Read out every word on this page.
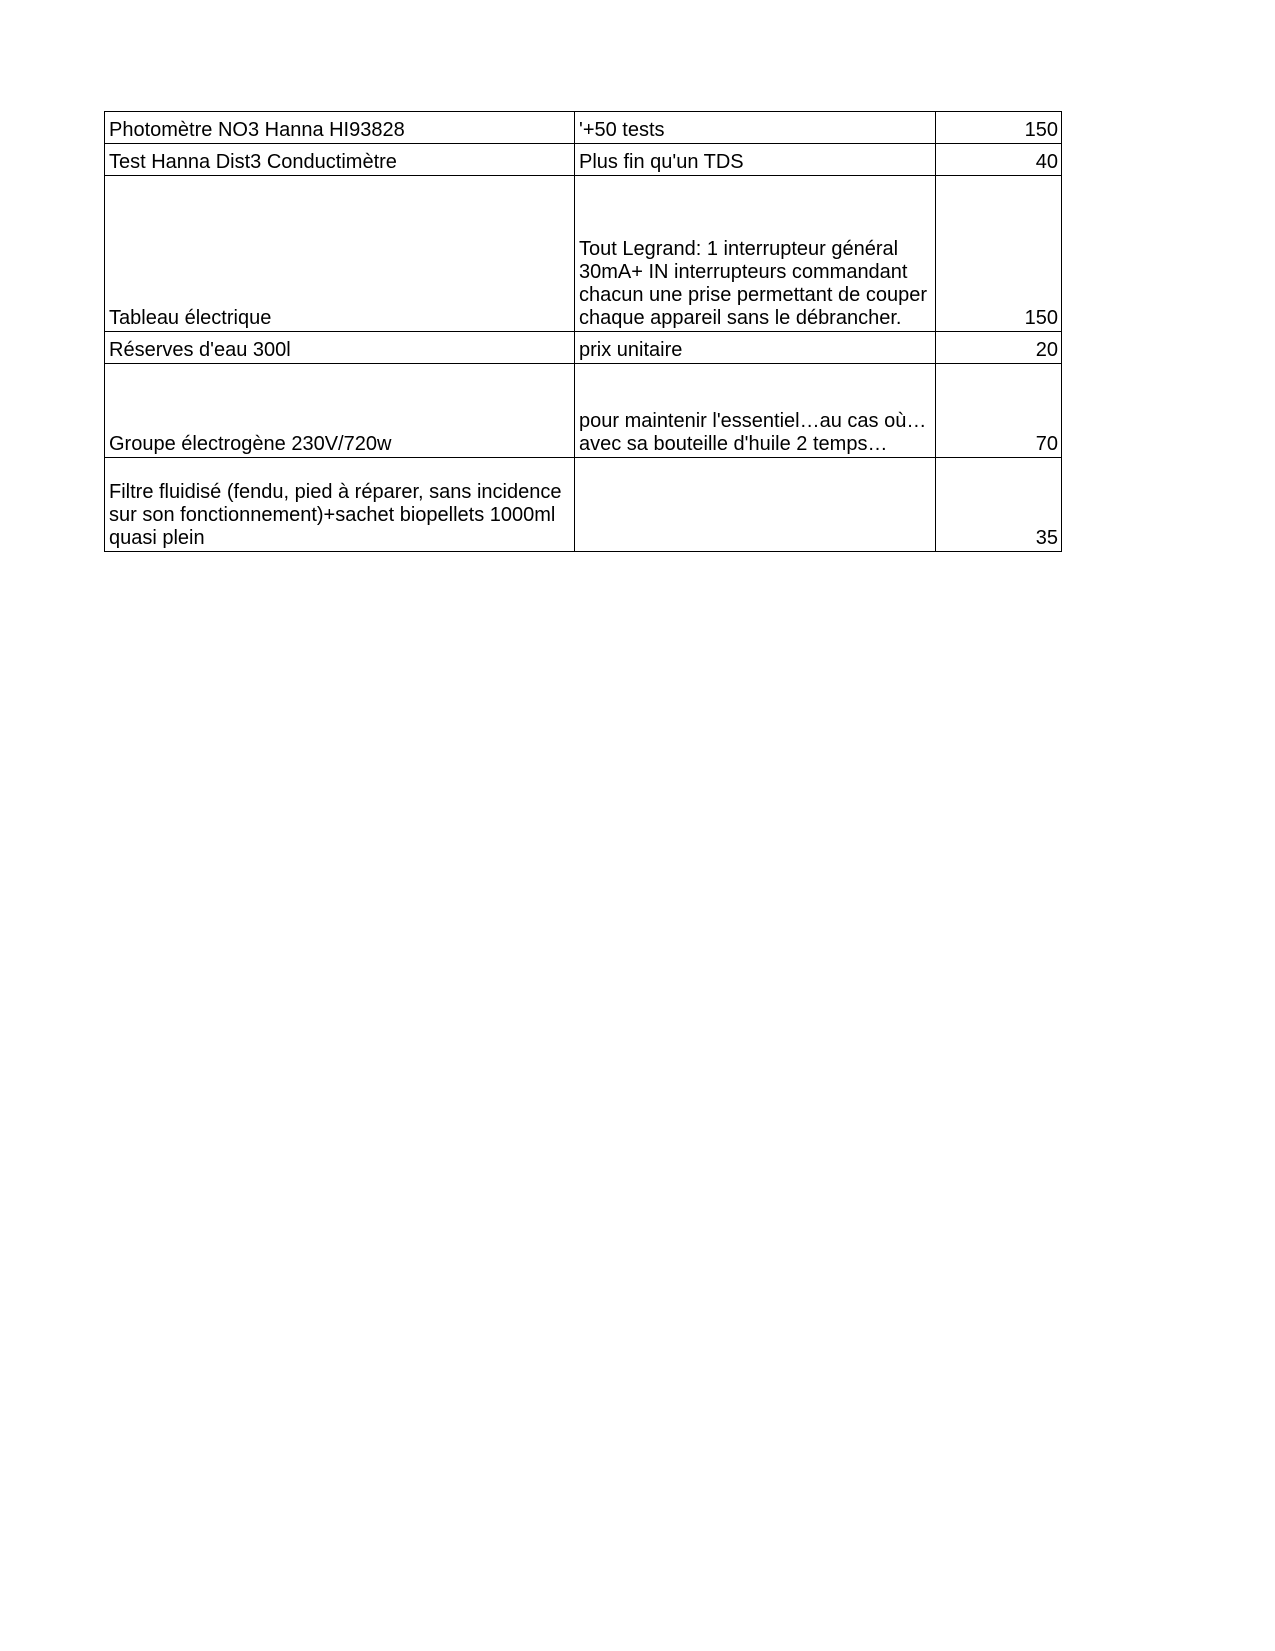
Photomètre NO3 Hanna HI93828	'+50 tests	150
Test Hanna Dist3 Conductimètre	Plus fin qu'un TDS	40
Tableau électrique	Tout Legrand: 1 interrupteur général 30mA+ IN interrupteurs commandant chacun une prise permettant de couper chaque appareil sans le débrancher.	150
Réserves d'eau 300l	prix unitaire	20
Groupe électrogène 230V/720w	pour maintenir l'essentiel…au cas où…avec sa bouteille d'huile 2 temps…	70
Filtre fluidisé (fendu, pied à réparer, sans incidence sur son fonctionnement)+sachet biopellets 1000ml quasi plein		35
